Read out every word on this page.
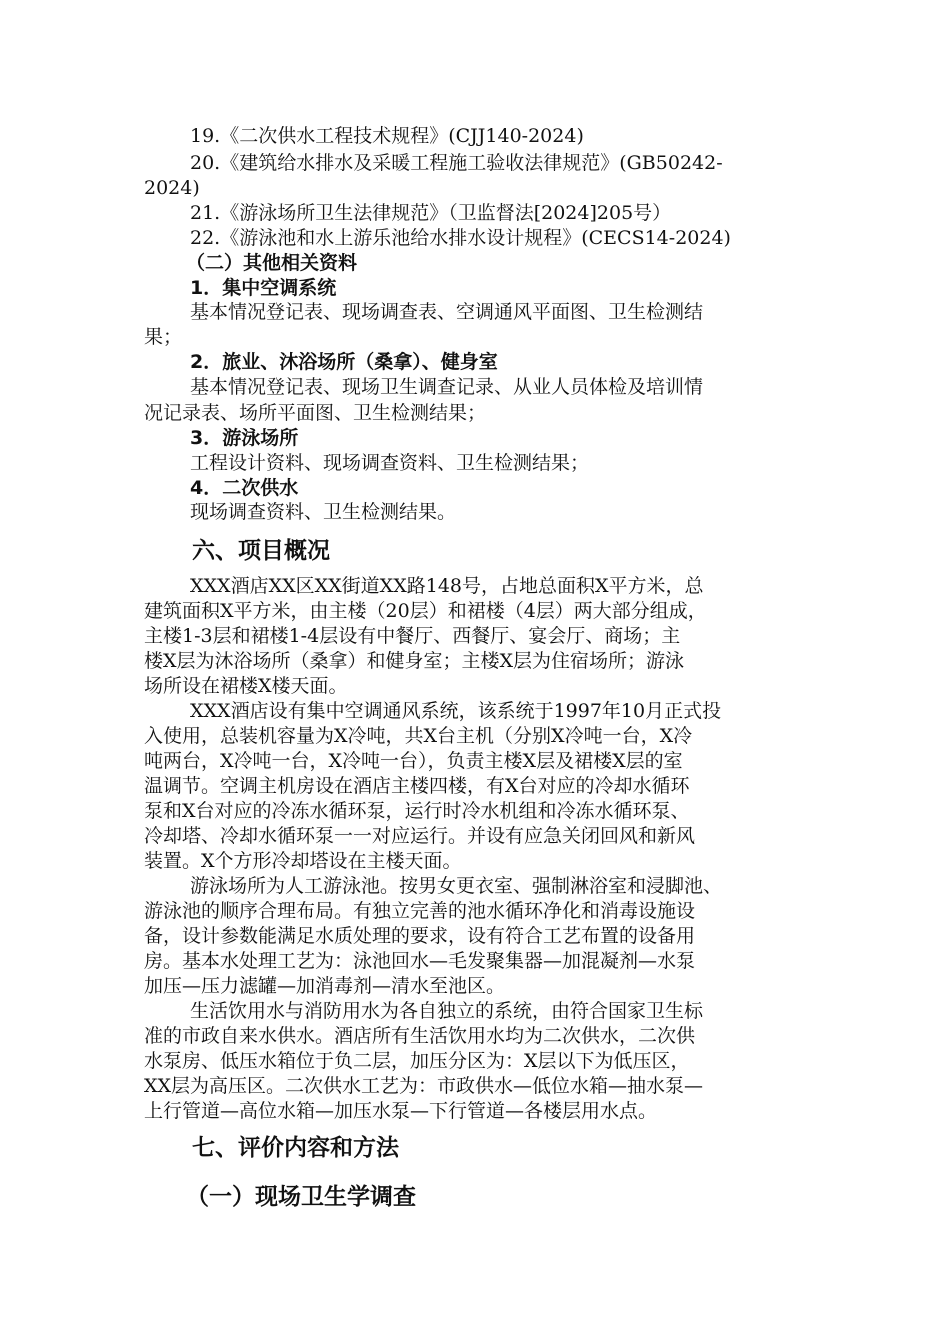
19.《二次供水工程技术规程》(CJJ140-2024)
20.《建筑给水排水及采暖工程施工验收法律规范》(GB50242-
2024)
21.《游泳场所卫生法律规范》（卫监督法[2024]205号）
22.《游泳池和水上游乐池给水排水设计规程》(CECS14-2024)
（二）其他相关资料
1．集中空调系统
基本情况登记表、现场调查表、空调通风平面图、卫生检测结
果；
2．旅业、沐浴场所（桑拿）、健身室
基本情况登记表、现场卫生调查记录、从业人员体检及培训情
况记录表、场所平面图、卫生检测结果；
3．游泳场所
工程设计资料、现场调查资料、卫生检测结果；
4．二次供水
现场调查资料、卫生检测结果。
六、项目概况
XXX酒店XX区XX街道XX路148号，占地总面积X平方米，总
建筑面积X平方米，由主楼（20层）和裙楼（4层）两大部分组成，
主楼1-3层和裙楼1-4层设有中餐厅、西餐厅、宴会厅、商场；主
楼X层为沐浴场所（桑拿）和健身室；主楼X层为住宿场所；游泳
场所设在裙楼X楼天面。
XXX酒店设有集中空调通风系统，该系统于1997年10月正式投
入使用，总装机容量为X冷吨，共X台主机（分别X冷吨一台，X冷
吨两台，X冷吨一台，X冷吨一台），负责主楼X层及裙楼X层的室
温调节。空调主机房设在酒店主楼四楼，有X台对应的冷却水循环
泵和X台对应的冷冻水循环泵，运行时冷水机组和冷冻水循环泵、
冷却塔、冷却水循环泵一一对应运行。并设有应急关闭回风和新风
装置。X个方形冷却塔设在主楼天面。
游泳场所为人工游泳池。按男女更衣室、强制淋浴室和浸脚池、
游泳池的顺序合理布局。有独立完善的池水循环净化和消毒设施设
备，设计参数能满足水质处理的要求，设有符合工艺布置的设备用
房。基本水处理工艺为：泳池回水—毛发聚集器—加混凝剂—水泵
加压—压力滤罐—加消毒剂—清水至池区。
生活饮用水与消防用水为各自独立的系统，由符合国家卫生标
准的市政自来水供水。酒店所有生活饮用水均为二次供水，二次供
水泵房、低压水箱位于负二层，加压分区为：X层以下为低压区，
XX层为高压区。二次供水工艺为：市政供水—低位水箱—抽水泵—
上行管道—高位水箱—加压水泵—下行管道—各楼层用水点。
七、评价内容和方法
（一）现场卫生学调查
